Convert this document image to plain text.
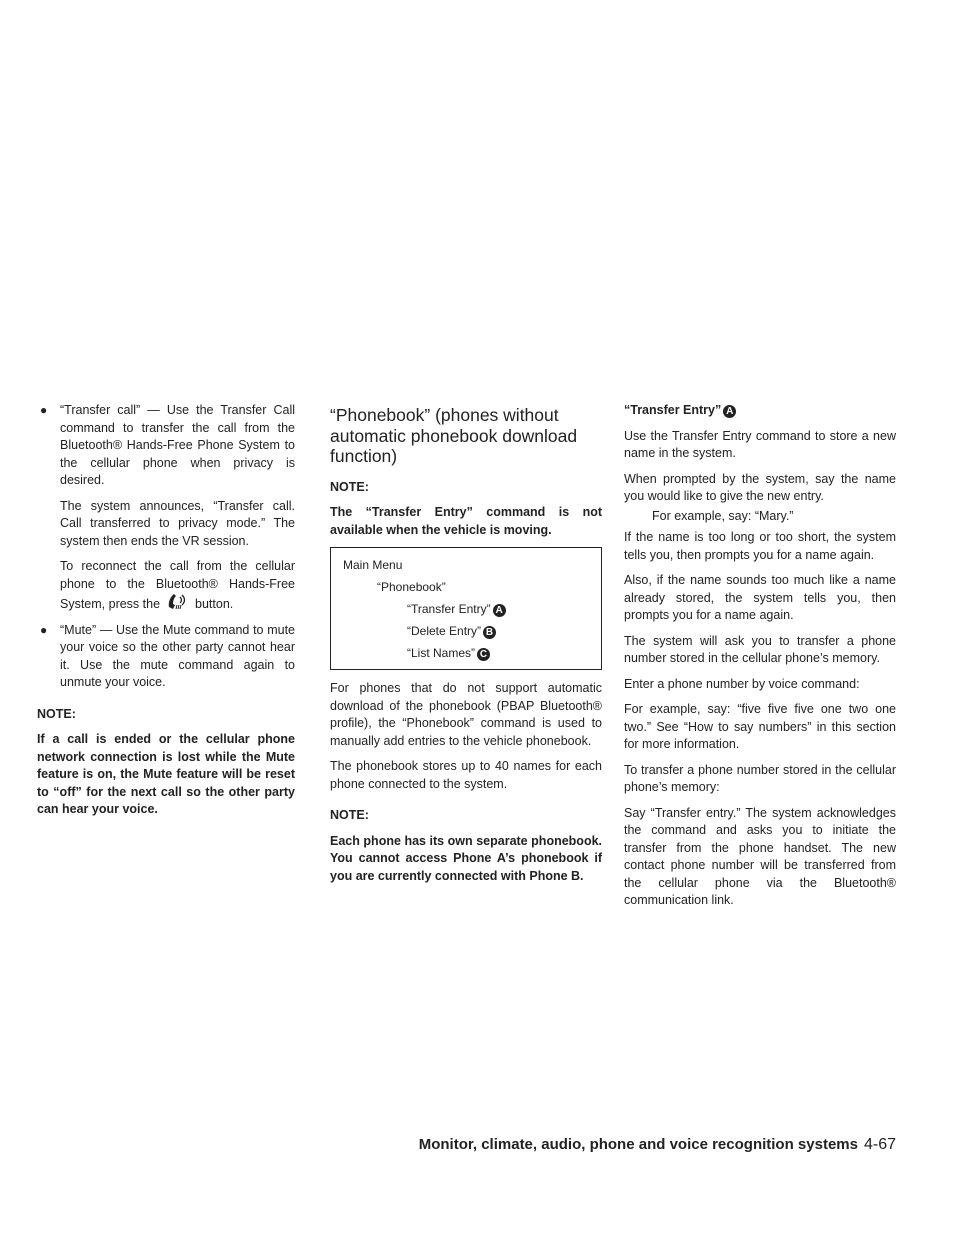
● “Transfer call” — Use the Transfer Call command to transfer the call from the Bluetooth® Hands-Free Phone System to the cellular phone when privacy is desired.

The system announces, “Transfer call. Call transferred to privacy mode.” The system then ends the VR session.

To reconnect the call from the cellular phone to the Bluetooth® Hands-Free System, press the	button.

● “Mute” — Use the Mute command to mute your voice so the other party cannot hear it. Use the mute command again to unmute your voice.

NOTE:

If a call is ended or the cellular phone network connection is lost while the Mute feature is on, the Mute feature will be reset to “off” for the next call so the other party can hear your voice.

“Phonebook” (phones without automatic phonebook download function)
NOTE:

The “Transfer Entry” command is not available when the vehicle is moving.

Main Menu
“Phonebook”
“Transfer Entry” A
“Delete Entry” B
“List Names” C

For phones that do not support automatic download of the phonebook (PBAP Bluetooth® profile), the “Phonebook” command is used to manually add entries to the vehicle phonebook.

The phonebook stores up to 40 names for each phone connected to the system.

NOTE:

Each phone has its own separate phonebook. You cannot access Phone A’s phonebook if you are currently connected with Phone B.

“Transfer Entry” A

Use the Transfer Entry command to store a new name in the system.

When prompted by the system, say the name you would like to give the new entry.

For example, say: “Mary.”

If the name is too long or too short, the system tells you, then prompts you for a name again.

Also, if the name sounds too much like a name already stored, the system tells you, then prompts you for a name again.

The system will ask you to transfer a phone number stored in the cellular phone’s memory.

Enter a phone number by voice command:

For example, say: “five five five one two one two.” See “How to say numbers” in this section for more information.

To transfer a phone number stored in the cellular phone’s memory:

Say “Transfer entry.” The system acknowledges the command and asks you to initiate the transfer from the phone handset. The new contact phone number will be transferred from the cellular phone via the Bluetooth® communication link.

Monitor, climate, audio, phone and voice recognition systems 4-67
